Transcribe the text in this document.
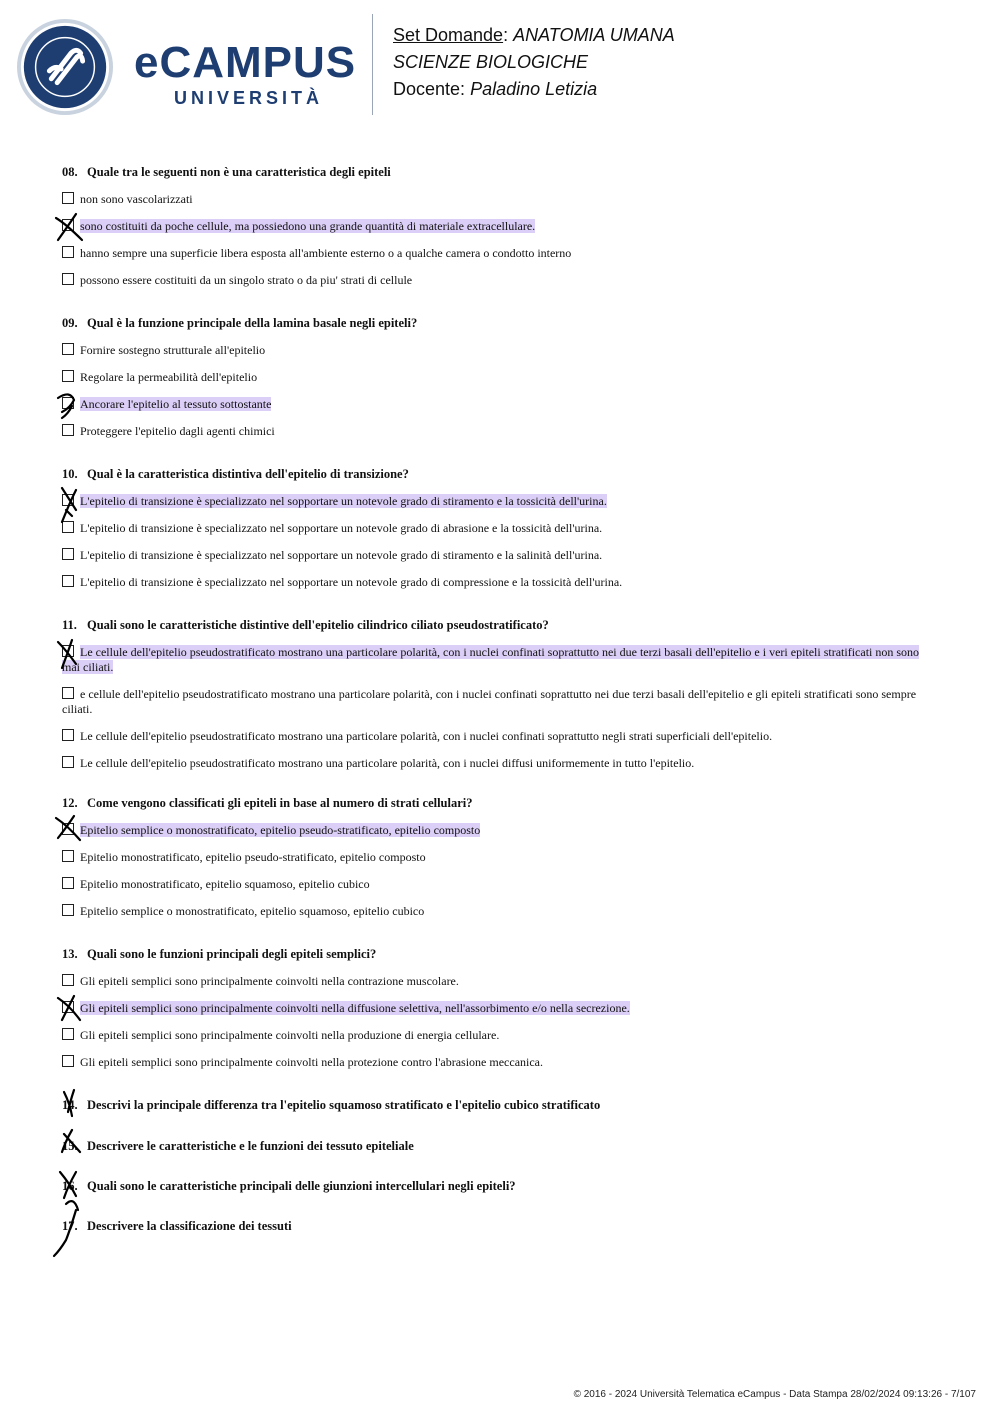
eCAMPUS
UNIVERSITÀ
Set Domande: ANATOMIA UMANA
SCIENZE BIOLOGICHE
Docente: Paladino Letizia
08. Quale tra le seguenti non è una caratteristica degli epiteli
non sono vascolarizzati
sono costituiti da poche cellule, ma possiedono una grande quantità di materiale extracellulare.
hanno sempre una superficie libera esposta all'ambiente esterno o a qualche camera o condotto interno
possono essere costituiti da un singolo strato o da piu' strati di cellule
09. Qual è la funzione principale della lamina basale negli epiteli?
Fornire sostegno strutturale all'epitelio
Regolare la permeabilità dell'epitelio
Ancorare l'epitelio al tessuto sottostante
Proteggere l'epitelio dagli agenti chimici
10. Qual è la caratteristica distintiva dell'epitelio di transizione?
L'epitelio di transizione è specializzato nel sopportare un notevole grado di stiramento e la tossicità dell'urina.
L'epitelio di transizione è specializzato nel sopportare un notevole grado di abrasione e la tossicità dell'urina.
L'epitelio di transizione è specializzato nel sopportare un notevole grado di stiramento e la salinità dell'urina.
L'epitelio di transizione è specializzato nel sopportare un notevole grado di compressione e la tossicità dell'urina.
11. Quali sono le caratteristiche distintive dell'epitelio cilindrico ciliato pseudostratificato?
Le cellule dell'epitelio pseudostratificato mostrano una particolare polarità, con i nuclei confinati soprattutto nei due terzi basali dell'epitelio e i veri epiteli stratificati non sono mai ciliati.
e cellule dell'epitelio pseudostratificato mostrano una particolare polarità, con i nuclei confinati soprattutto nei due terzi basali dell'epitelio e gli epiteli stratificati sono sempre ciliati.
Le cellule dell'epitelio pseudostratificato mostrano una particolare polarità, con i nuclei confinati soprattutto negli strati superficiali dell'epitelio.
Le cellule dell'epitelio pseudostratificato mostrano una particolare polarità, con i nuclei diffusi uniformemente in tutto l'epitelio.
12. Come vengono classificati gli epiteli in base al numero di strati cellulari?
Epitelio semplice o monostratificato, epitelio pseudo-stratificato, epitelio composto
Epitelio monostratificato, epitelio pseudo-stratificato, epitelio composto
Epitelio monostratificato, epitelio squamoso, epitelio cubico
Epitelio semplice o monostratificato, epitelio squamoso, epitelio cubico
13. Quali sono le funzioni principali degli epiteli semplici?
Gli epiteli semplici sono principalmente coinvolti nella contrazione muscolare.
Gli epiteli semplici sono principalmente coinvolti nella diffusione selettiva, nell'assorbimento e/o nella secrezione.
Gli epiteli semplici sono principalmente coinvolti nella produzione di energia cellulare.
Gli epiteli semplici sono principalmente coinvolti nella protezione contro l'abrasione meccanica.
14. Descrivi la principale differenza tra l'epitelio squamoso stratificato e l'epitelio cubico stratificato
15. Descrivere le caratteristiche e le funzioni dei tessuto epiteliale
16. Quali sono le caratteristiche principali delle giunzioni intercellulari negli epiteli?
17. Descrivere la classificazione dei tessuti
© 2016 - 2024 Università Telematica eCampus - Data Stampa 28/02/2024 09:13:26 - 7/107
